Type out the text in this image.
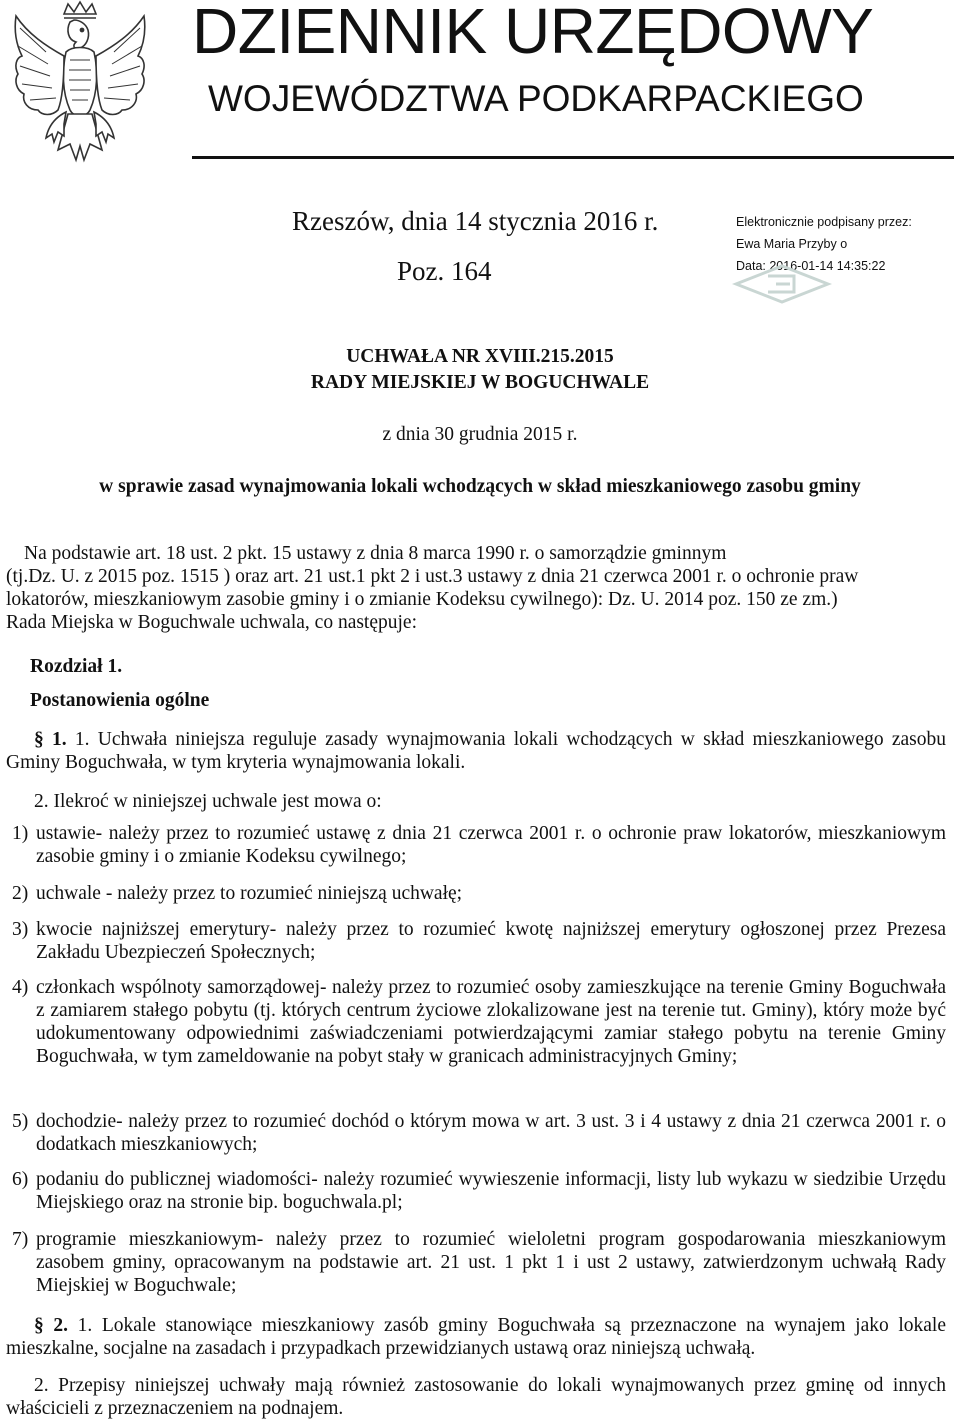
DZIENNIK URZĘDOWY
WOJEWÓDZTWA PODKARPACKIEGO
Rzeszów, dnia 14 stycznia 2016 r.
Poz. 164
Elektronicznie podpisany przez:
Ewa Maria Przyby o
Data: 2016-01-14 14:35:22
UCHWAŁA NR XVIII.215.2015
RADY MIEJSKIEJ W BOGUCHWALE
z dnia 30 grudnia 2015 r.
w sprawie zasad wynajmowania lokali wchodzących w skład mieszkaniowego zasobu gminy
Na podstawie art. 18 ust. 2 pkt. 15 ustawy z dnia 8 marca 1990 r. o samorządzie gminnym
(tj.Dz. U. z 2015 poz. 1515 ) oraz art. 21 ust.1 pkt 2 i ust.3 ustawy z dnia 21 czerwca 2001 r. o ochronie praw
lokatorów, mieszkaniowym zasobie gminy i o zmianie Kodeksu cywilnego): Dz. U. 2014 poz. 150 ze zm.)
Rada Miejska w Boguchwale uchwala, co następuje:
Rozdział 1.
Postanowienia ogólne

§ 1. 1. Uchwała niniejsza reguluje zasady wynajmowania lokali wchodzących w skład mieszkaniowego zasobu Gminy Boguchwała, w tym kryteria wynajmowania lokali.

2. Ilekroć w niniejszej uchwale jest mowa o:
1) ustawie- należy przez to rozumieć ustawę z dnia 21 czerwca 2001 r. o ochronie praw lokatorów, mieszkaniowym zasobie gminy i o zmianie Kodeksu cywilnego;

2) uchwale - należy przez to rozumieć niniejszą uchwałę;

3) kwocie najniższej emerytury- należy przez to rozumieć kwotę najniższej emerytury ogłoszonej przez Prezesa Zakładu Ubezpieczeń Społecznych;

4) członkach wspólnoty samorządowej- należy przez to rozumieć osoby zamieszkujące na terenie Gminy Boguchwała z zamiarem stałego pobytu (tj. których centrum życiowe zlokalizowane jest na terenie tut. Gminy), który może być udokumentowany odpowiednimi zaświadczeniami potwierdzającymi zamiar stałego pobytu na terenie Gminy Boguchwała, w tym zameldowanie na pobyt stały w granicach administracyjnych Gminy;

5) dochodzie- należy przez to rozumieć dochód o którym mowa w art. 3 ust. 3 i 4 ustawy z dnia 21 czerwca 2001 r. o dodatkach mieszkaniowych;

6) podaniu do publicznej wiadomości- należy rozumieć wywieszenie informacji, listy lub wykazu w siedzibie Urzędu Miejskiego oraz na stronie bip. boguchwala.pl;

7) programie mieszkaniowym- należy przez to rozumieć wieloletni program gospodarowania mieszkaniowym zasobem gminy, opracowanym na podstawie art. 21 ust. 1 pkt 1 i ust 2 ustawy, zatwierdzonym uchwałą Rady Miejskiej w Boguchwale;

§ 2. 1. Lokale stanowiące mieszkaniowy zasób gminy Boguchwała są przeznaczone na wynajem jako lokale mieszkalne, socjalne na zasadach i przypadkach przewidzianych ustawą oraz niniejszą uchwałą.

2. Przepisy niniejszej uchwały mają również zastosowanie do lokali wynajmowanych przez gminę od innych właścicieli z przeznaczeniem na podnajem.
